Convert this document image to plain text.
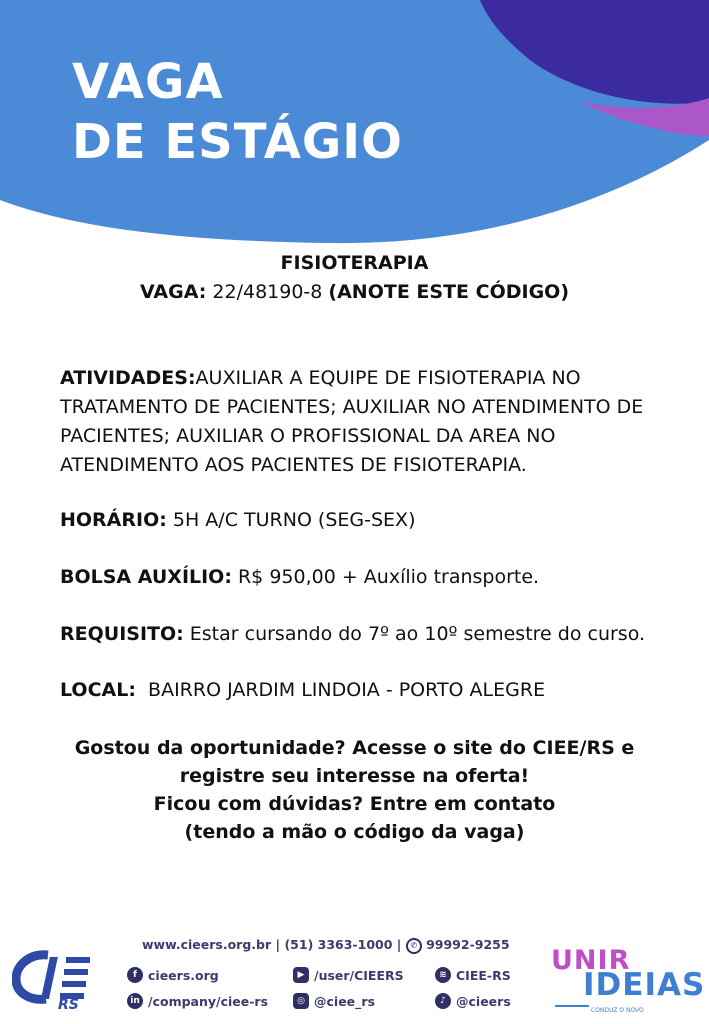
VAGA
DE ESTÁGIO
FISIOTERAPIA
VAGA: 22/48190-8 (ANOTE ESTE CÓDIGO)
ATIVIDADES:AUXILIAR A EQUIPE DE FISIOTERAPIA NO
TRATAMENTO DE PACIENTES; AUXILIAR NO ATENDIMENTO DE
PACIENTES; AUXILIAR O PROFISSIONAL DA AREA NO
ATENDIMENTO AOS PACIENTES DE FISIOTERAPIA.
HORÁRIO: 5H A/C TURNO (SEG-SEX)
BOLSA AUXÍLIO: R$ 950,00 + Auxílio transporte.
REQUISITO: Estar cursando do 7º ao 10º semestre do curso.
LOCAL: BAIRRO JARDIM LINDOIA - PORTO ALEGRE
Gostou da oportunidade? Acesse o site do CIEE/RS e
registre seu interesse na oferta!
Ficou com dúvidas? Entre em contato
(tendo a mão o código da vaga)
RS
www.cieers.org.br | (51) 3363-1000 | ✆ 99992-9255
f cieers.org
in /company/ciee-rs
▶ /user/CIEERS
◎ @ciee_rs
≋ CIEE-RS
♪ @cieers
UNIR
IDEIAS
CONDUZ O NOVO
